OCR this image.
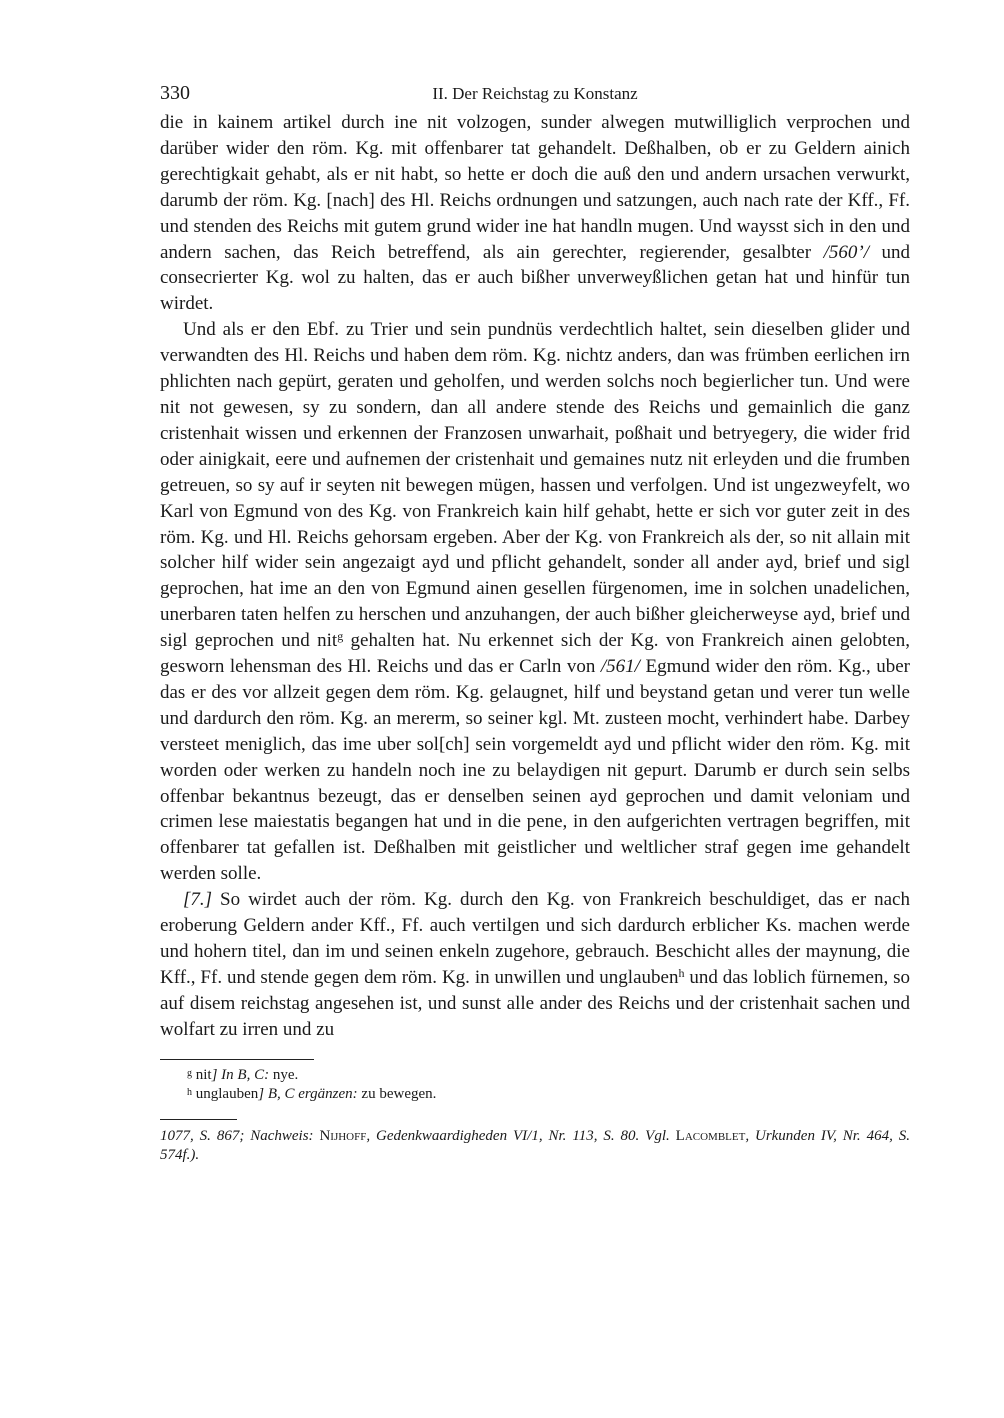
330	II. Der Reichstag zu Konstanz

die in kainem artikel durch ine nit volzogen, sunder alwegen mutwilliglich verprochen und darüber wider den röm. Kg. mit offenbarer tat gehandelt. Deßhalben, ob er zu Geldern ainich gerechtigkait gehabt, als er nit habt, so hette er doch die auß den und andern ursachen verwurkt, darumb der röm. Kg. [nach] des Hl. Reichs ordnungen und satzungen, auch nach rate der Kff., Ff. und stenden des Reichs mit gutem grund wider ine hat handln mugen. Und waysst sich in den und andern sachen, das Reich betreffend, als ain gerechter, regierender, gesalbter /560’/ und consecrierter Kg. wol zu halten, das er auch bißher unverweyßlichen getan hat und hinfür tun wirdet.

Und als er den Ebf. zu Trier und sein pundnüs verdechtlich haltet, sein dieselben glider und verwandten des Hl. Reichs und haben dem röm. Kg. nichtz anders, dan was frümben eerlichen irn phlichten nach gepürt, geraten und geholfen, und werden solchs noch begierlicher tun. Und were nit not gewesen, sy zu sondern, dan all andere stende des Reichs und gemainlich die ganz cristenhait wissen und erkennen der Franzosen unwarhait, poßhait und betryegery, die wider frid oder ainigkait, eere und aufnemen der cristenhait und gemaines nutz nit erleyden und die frumben getreuen, so sy auf ir seyten nit bewegen mügen, hassen und verfolgen. Und ist ungezweyfelt, wo Karl von Egmund von des Kg. von Frankreich kain hilf gehabt, hette er sich vor guter zeit in des röm. Kg. und Hl. Reichs gehorsam ergeben. Aber der Kg. von Frankreich als der, so nit allain mit solcher hilf wider sein angezaigt ayd und pflicht gehandelt, sonder all ander ayd, brief und sigl geprochen, hat ime an den von Egmund ainen gesellen fürgenomen, ime in solchen unadelichen, unerbaren taten helfen zu herschen und anzuhangen, der auch bißher gleicherweyse ayd, brief und sigl geprochen und nit$^g$ gehalten hat. Nu erkennet sich der Kg. von Frankreich ainen gelobten, gesworn lehensman des Hl. Reichs und das er Carln von /561/ Egmund wider den röm. Kg., uber das er des vor allzeit gegen dem röm. Kg. gelaugnet, hilf und beystand getan und verer tun welle und dardurch den röm. Kg. an mererm, so seiner kgl. Mt. zusteen mocht, verhindert habe. Darbey versteet meniglich, das ime uber sol[ch] sein vorgemeldt ayd und pflicht wider den röm. Kg. mit worden oder werken zu handeln noch ine zu belaydigen nit gepurt. Darumb er durch sein selbs offenbar bekantnus bezeugt, das er denselben seinen ayd geprochen und damit veloniam und crimen lese maiestatis begangen hat und in die pene, in den aufgerichten vertragen begriffen, mit offenbarer tat gefallen ist. Deßhalben mit geistlicher und weltlicher straf gegen ime gehandelt werden solle.

[7.] So wirdet auch der röm. Kg. durch den Kg. von Frankreich beschuldiget, das er nach eroberung Geldern ander Kff., Ff. auch vertilgen und sich dardurch erblicher Ks. machen werde und hohern titel, dan im und seinen enkeln zugehore, gebrauch. Beschicht alles der maynung, die Kff., Ff. und stende gegen dem röm. Kg. in unwillen und unglauben$^h$ und das loblich fürnemen, so auf disem reichstag angesehen ist, und sunst alle ander des Reichs und der cristenhait sachen und wolfart zu irren und zu

$^g$ nit] In B, C: nye.
$^h$ unglauben] B, C ergänzen: zu bewegen.
1077, S. 867; Nachweis: Nijhoff, Gedenkwaardigheden VI/1, Nr. 113, S. 80. Vgl. Lacomblet, Urkunden IV, Nr. 464, S. 574f.).
